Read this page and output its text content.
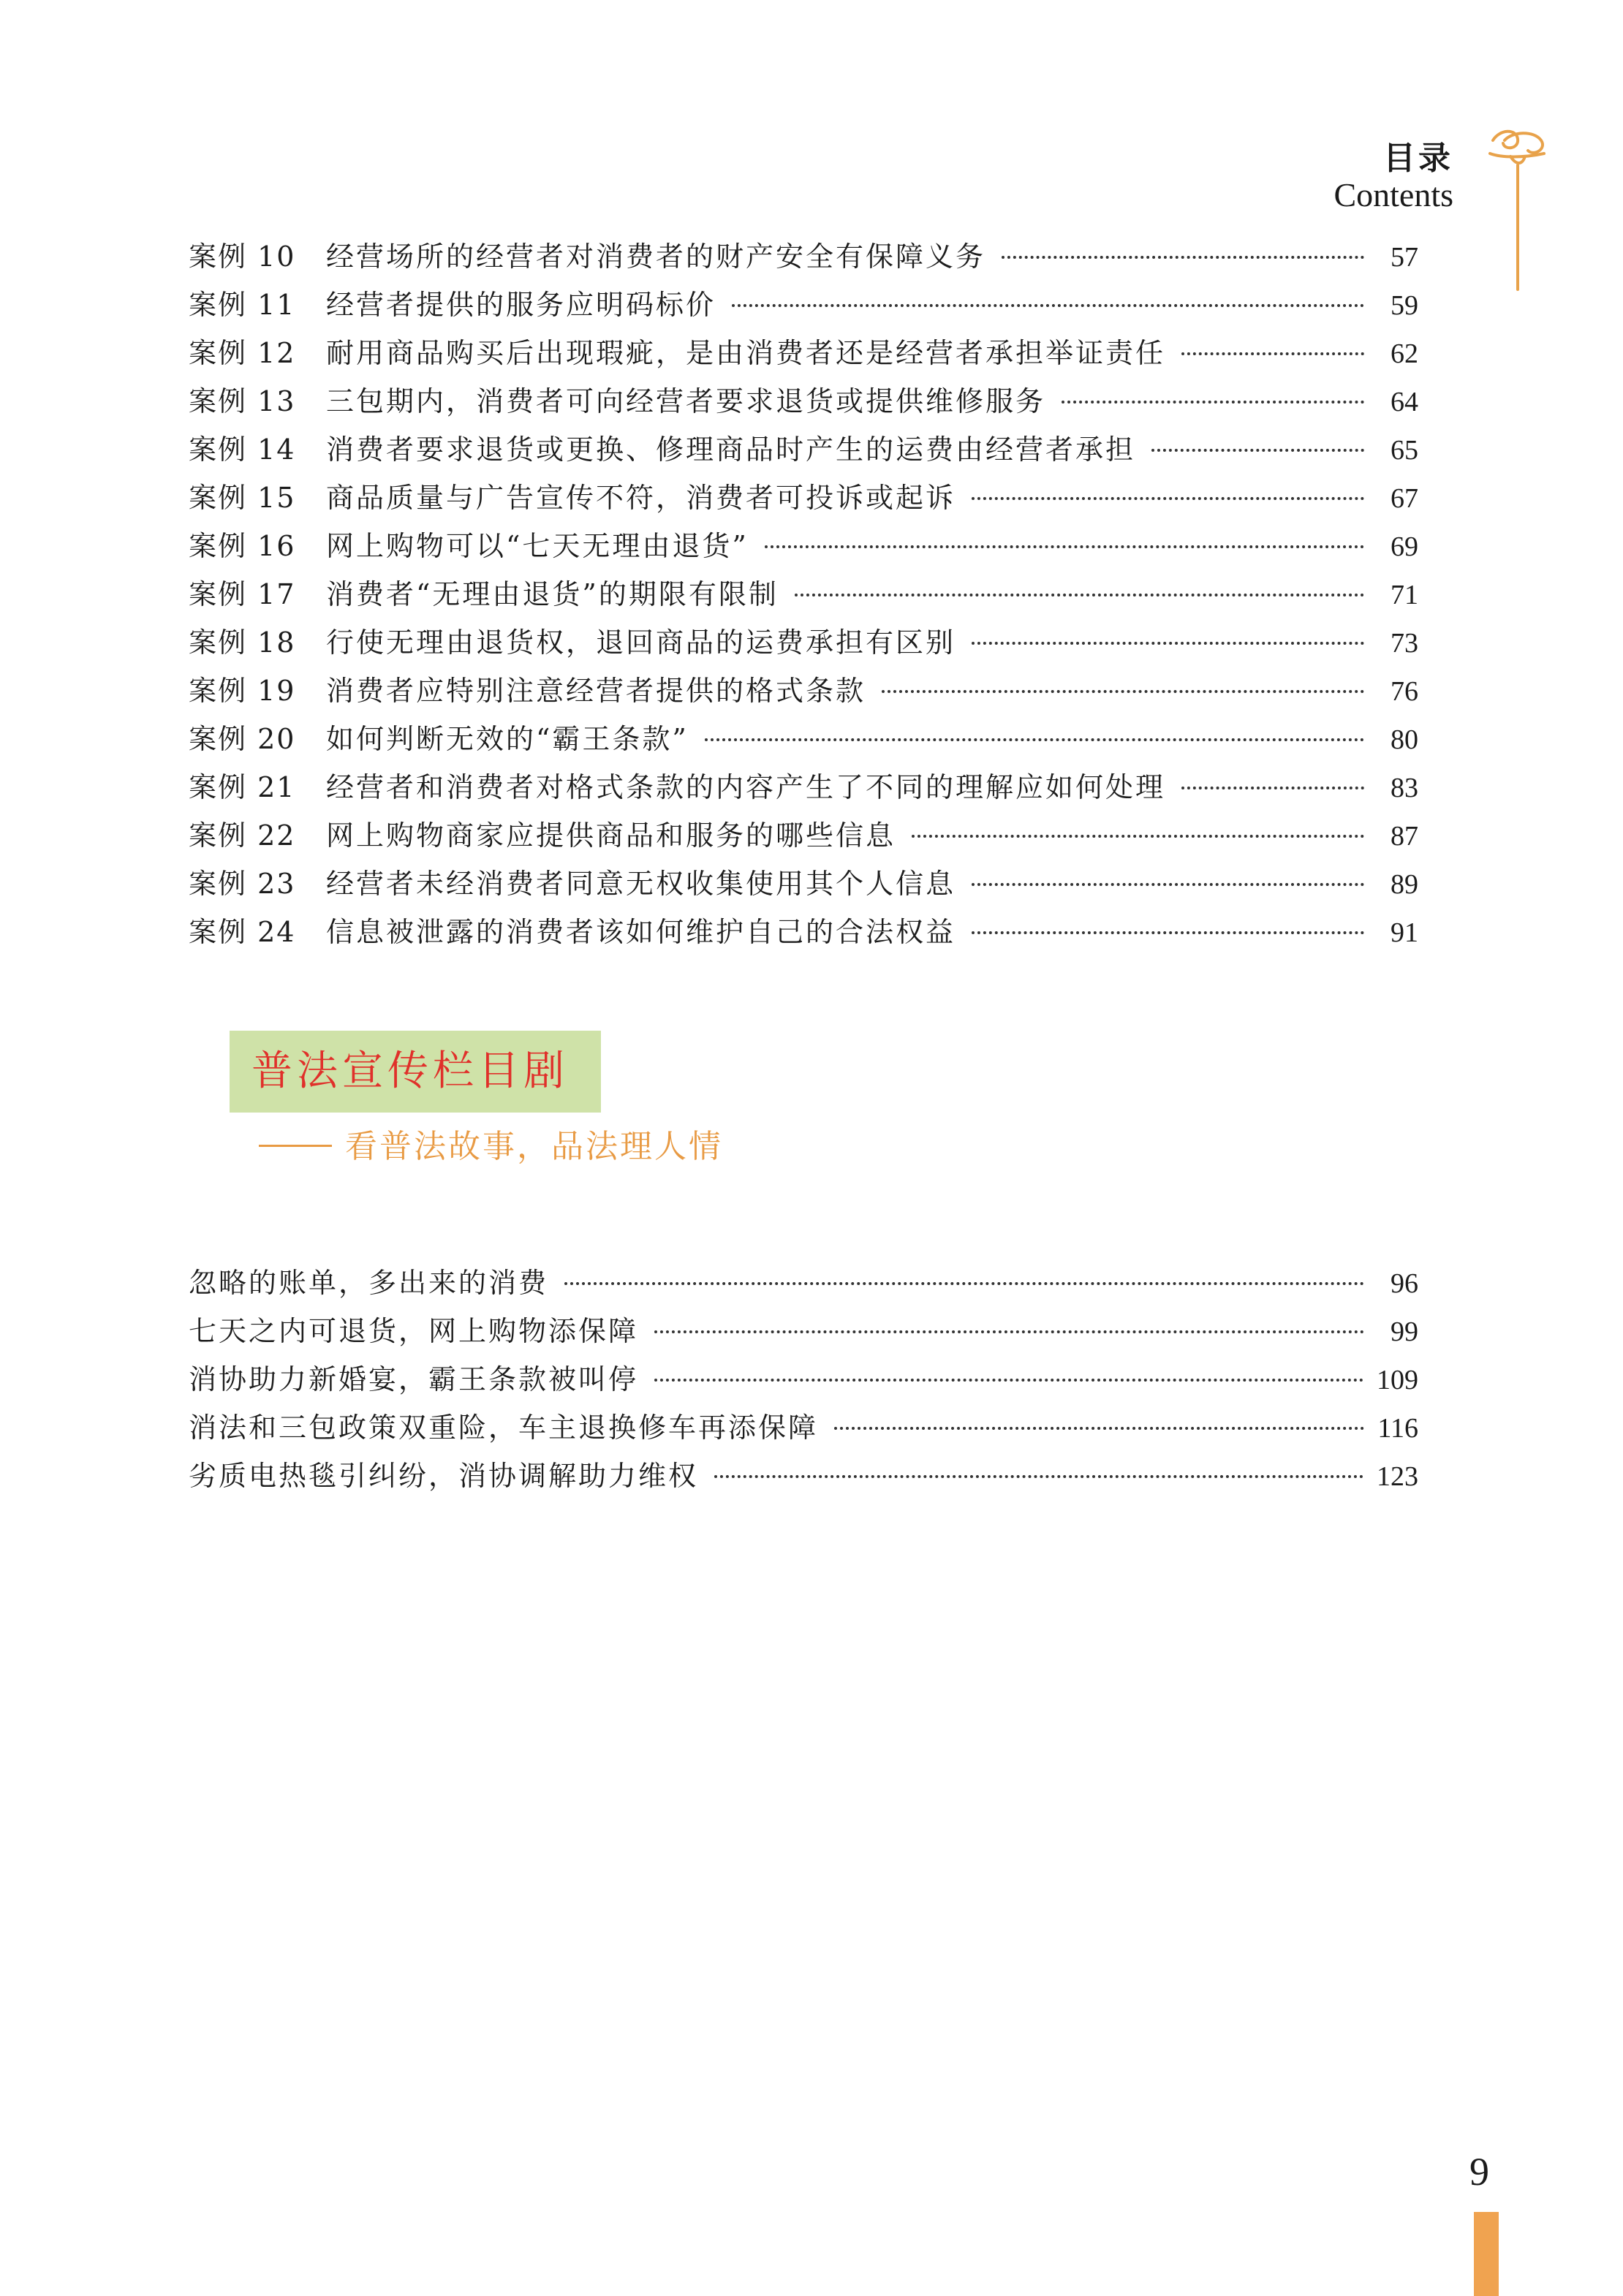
目录
Contents
案例 10	经营场所的经营者对消费者的财产安全有保障义务	57
案例 11	经营者提供的服务应明码标价	59
案例 12	耐用商品购买后出现瑕疵，是由消费者还是经营者承担举证责任	62
案例 13	三包期内，消费者可向经营者要求退货或提供维修服务	64
案例 14	消费者要求退货或更换、修理商品时产生的运费由经营者承担	65
案例 15	商品质量与广告宣传不符，消费者可投诉或起诉	67
案例 16	网上购物可以“七天无理由退货”	69
案例 17	消费者“无理由退货”的期限有限制	71
案例 18	行使无理由退货权，退回商品的运费承担有区别	73
案例 19	消费者应特别注意经营者提供的格式条款	76
案例 20	如何判断无效的“霸王条款”	80
案例 21	经营者和消费者对格式条款的内容产生了不同的理解应如何处理	83
案例 22	网上购物商家应提供商品和服务的哪些信息	87
案例 23	经营者未经消费者同意无权收集使用其个人信息	89
案例 24	信息被泄露的消费者该如何维护自己的合法权益	91
普法宣传栏目剧
看普法故事，品法理人情
忽略的账单，多出来的消费	96
七天之内可退货，网上购物添保障	99
消协助力新婚宴，霸王条款被叫停	109
消法和三包政策双重险，车主退换修车再添保障	116
劣质电热毯引纠纷，消协调解助力维权	123
9
